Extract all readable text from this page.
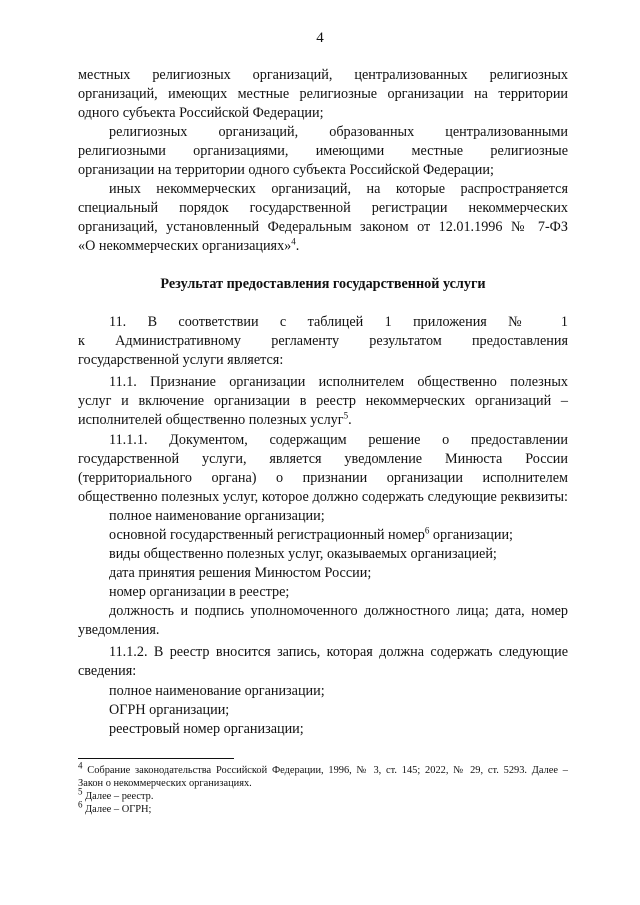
4
местных религиозных организаций, централизованных религиозных
организаций, имеющих местные религиозные организации на территории
одного субъекта Российской Федерации;
религиозных организаций, образованных централизованными
религиозными организациями, имеющими местные религиозные
организации на территории одного субъекта Российской Федерации;
иных некоммерческих организаций, на которые распространяется
специальный порядок государственной регистрации некоммерческих
организаций, установленный Федеральным законом от 12.01.1996 № 7-ФЗ
«О некоммерческих организациях»$^4$.
Результат предоставления государственной услуги
11. В соответствии с таблицей 1 приложения № 1
к Административному регламенту результатом предоставления
государственной услуги является:
11.1. Признание организации исполнителем общественно полезных
услуг и включение организации в реестр некоммерческих организаций –
исполнителей общественно полезных услуг$^5$.
11.1.1. Документом, содержащим решение о предоставлении
государственной услуги, является уведомление Минюста России
(территориального органа) о признании организации исполнителем
общественно полезных услуг, которое должно содержать следующие реквизиты:
полное наименование организации;
основной государственный регистрационный номер$^6$ организации;
виды общественно полезных услуг, оказываемых организацией;
дата принятия решения Минюстом России;
номер организации в реестре;
должность и подпись уполномоченного должностного лица; дата, номер
уведомления.
11.1.2. В реестр вносится запись, которая должна содержать следующие
сведения:
полное наименование организации;
ОГРН организации;
реестровый номер организации;
$^4$ Собрание законодательства Российской Федерации, 1996, № 3, ст. 145; 2022, № 29, ст. 5293. Далее –
Закон о некоммерческих организациях.
$^5$ Далее – реестр.
$^6$ Далее – ОГРН;
